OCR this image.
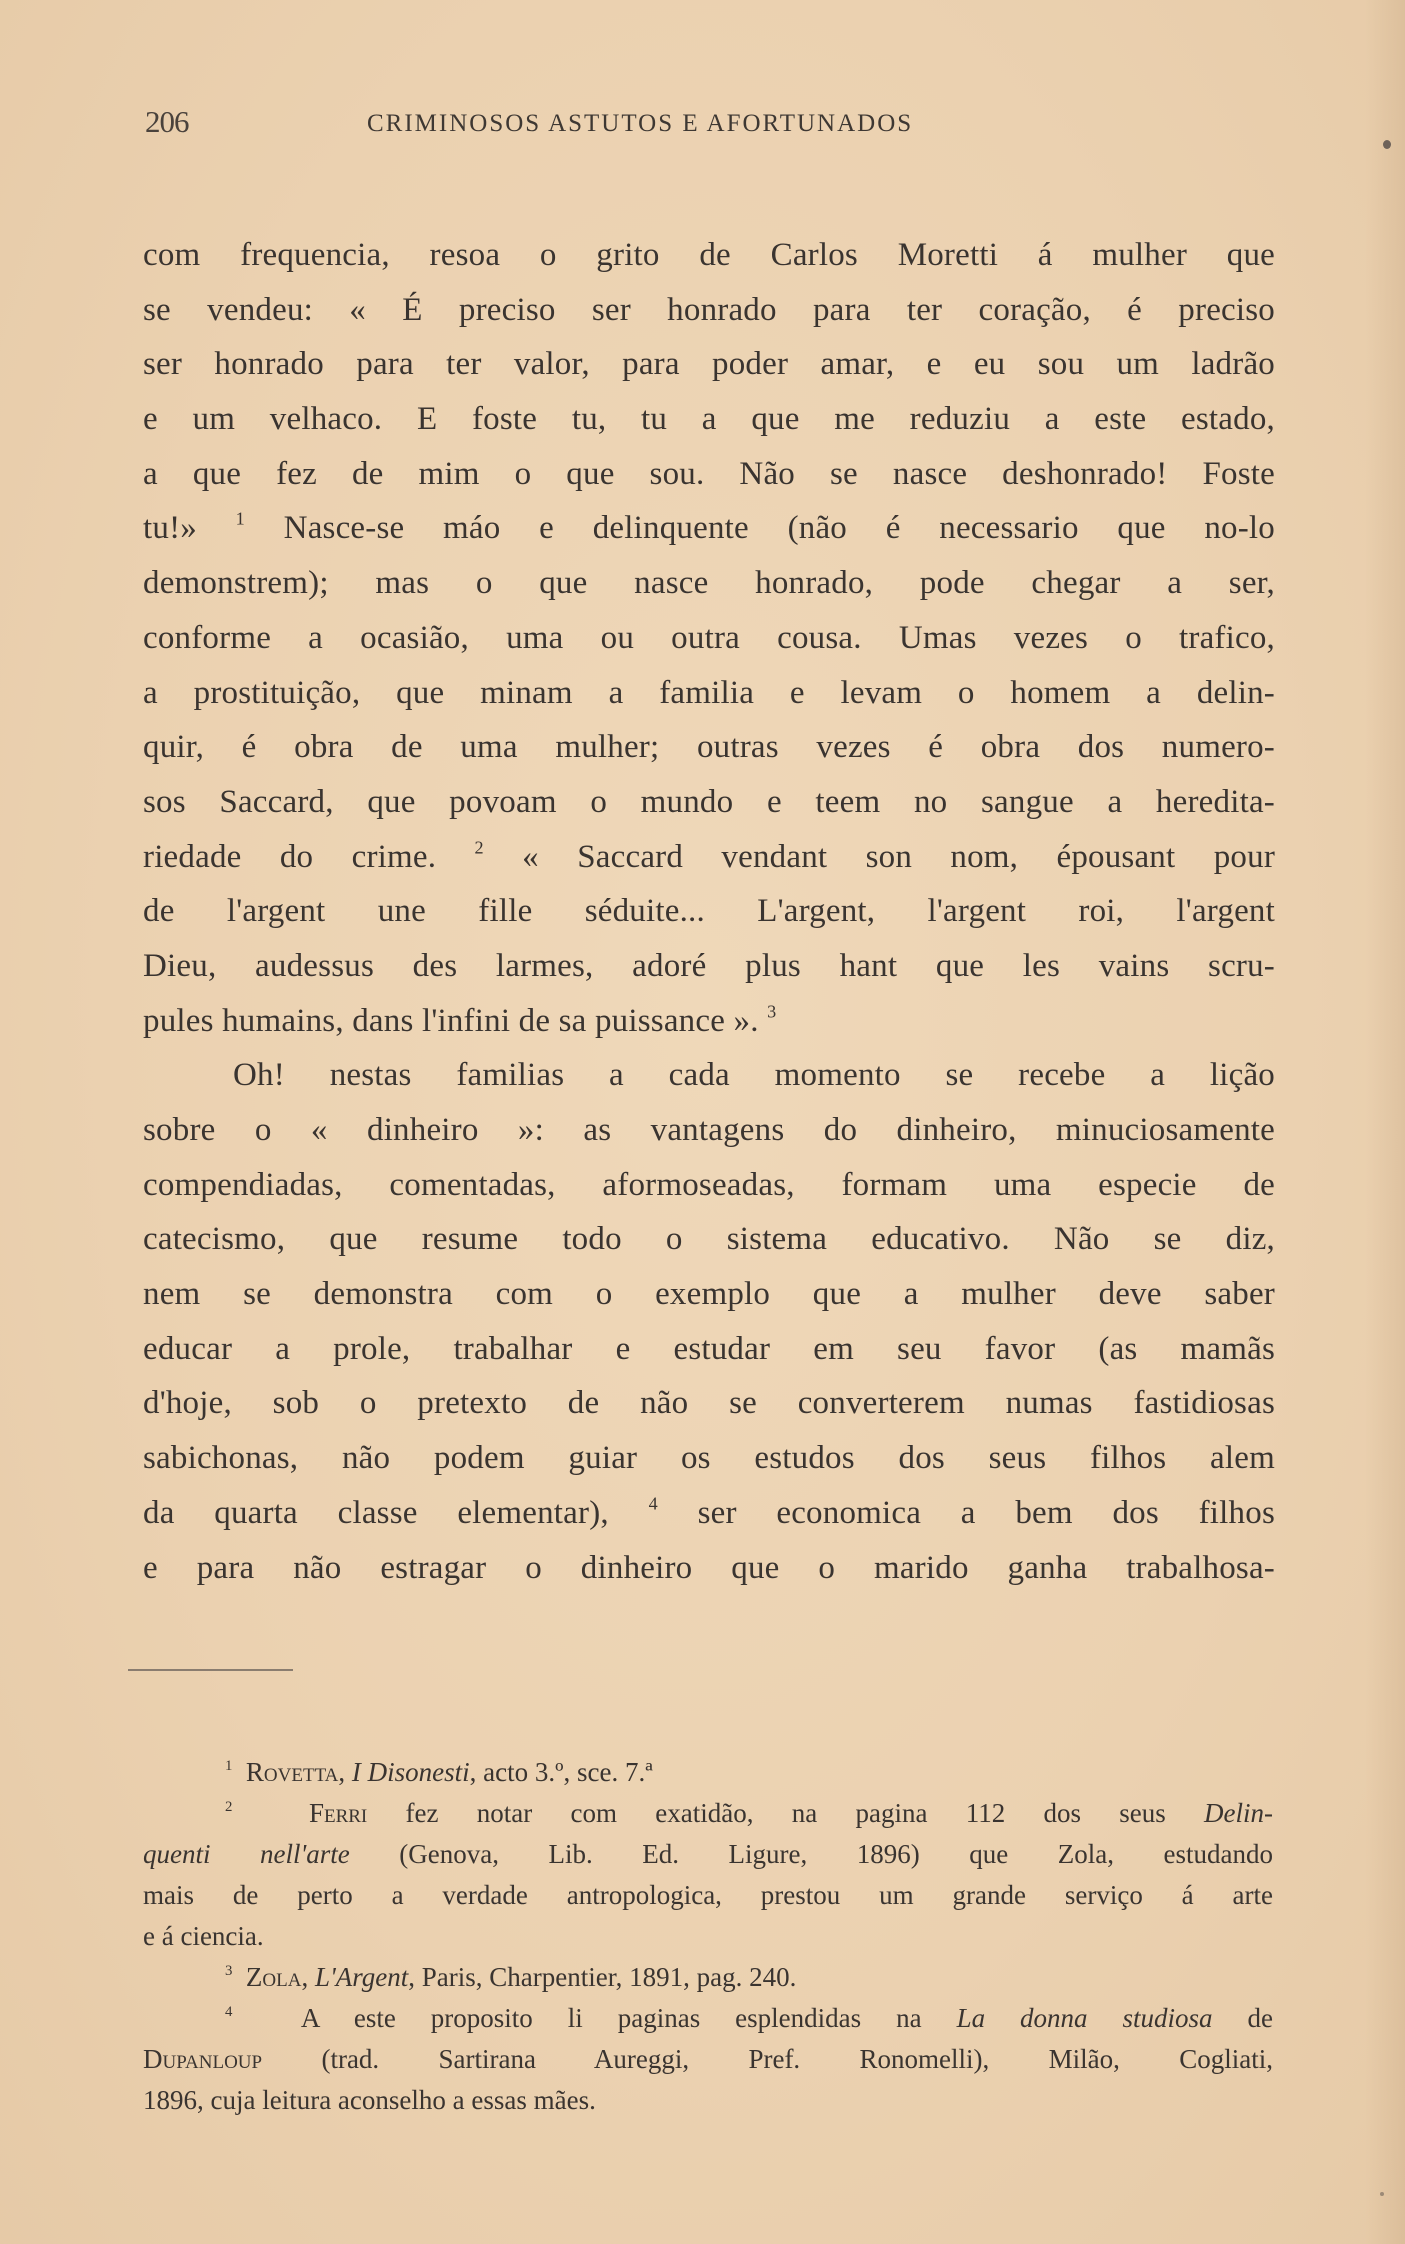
206	CRIMINOSOS ASTUTOS E AFORTUNADOS
com frequencia, resoa o grito de Carlos Moretti á mulher que
se vendeu: « É preciso ser honrado para ter coração, é preciso
ser honrado para ter valor, para poder amar, e eu sou um ladrão
e um velhaco. E foste tu, tu a que me reduziu a este estado,
a que fez de mim o que sou. Não se nasce deshonrado! Foste
tu!» $^1$ Nasce-se máo e delinquente (não é necessario que no-lo
demonstrem); mas o que nasce honrado, pode chegar a ser,
conforme a ocasião, uma ou outra cousa. Umas vezes o trafico,
a prostituição, que minam a familia e levam o homem a delin-
quir, é obra de uma mulher; outras vezes é obra dos numero-
sos Saccard, que povoam o mundo e teem no sangue a heredita-
riedade do crime. $^2$ « Saccard vendant son nom, épousant pour
de l'argent une fille séduite... L'argent, l'argent roi, l'argent
Dieu, audessus des larmes, adoré plus hant que les vains scru-
pules humains, dans l'infini de sa puissance ». $^3$
Oh! nestas familias a cada momento se recebe a lição
sobre o « dinheiro »: as vantagens do dinheiro, minuciosamente
compendiadas, comentadas, aformoseadas, formam uma especie de
catecismo, que resume todo o sistema educativo. Não se diz,
nem se demonstra com o exemplo que a mulher deve saber
educar a prole, trabalhar e estudar em seu favor (as mamãs
d'hoje, sob o pretexto de não se converterem numas fastidiosas
sabichonas, não podem guiar os estudos dos seus filhos alem
da quarta classe elementar), $^4$ ser economica a bem dos filhos
e para não estragar o dinheiro que o marido ganha trabalhosa-
$^1$ Rovetta, I Disonesti, acto 3.º, sce. 7.ª
$^2$	Ferri fez notar com exatidão, na pagina 112 dos seus Delin-
quenti nell'arte (Genova, Lib. Ed. Ligure, 1896) que Zola, estudando
mais de perto a verdade antropologica, prestou um grande serviço á arte
e á ciencia.
$^3$ Zola, L'Argent, Paris, Charpentier, 1891, pag. 240.
$^4$	A este proposito li paginas esplendidas na La donna studiosa de
Dupanloup (trad. Sartirana Aureggi, Pref. Ronomelli), Milão, Cogliati,
1896, cuja leitura aconselho a essas mães.
